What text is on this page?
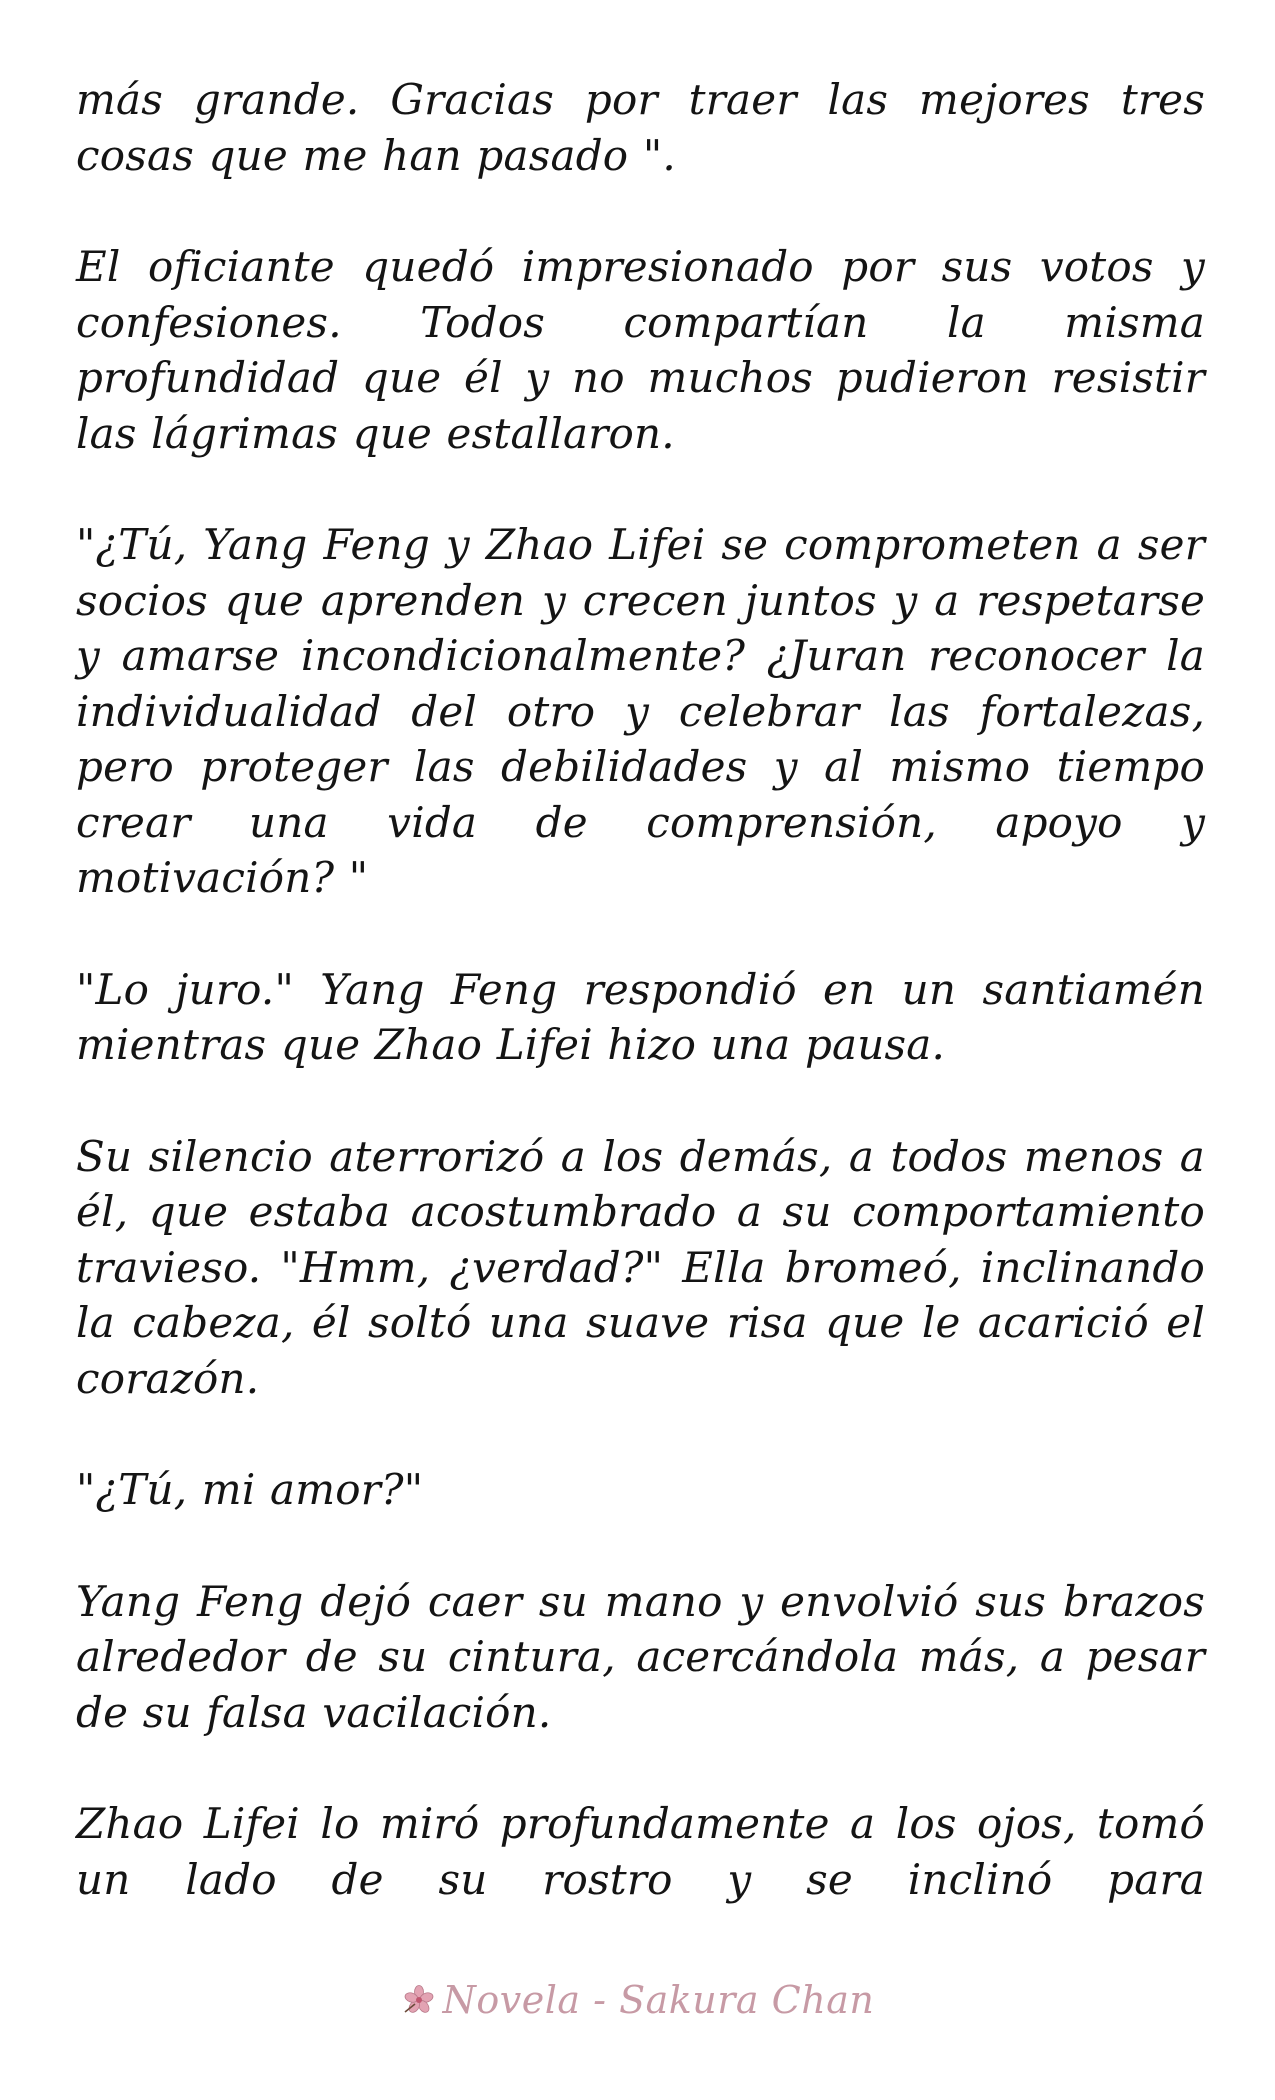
más grande. Gracias por traer las mejores tres cosas que me han pasado ".

El oficiante quedó impresionado por sus votos y confesiones. Todos compartían la misma profundidad que él y no muchos pudieron resistir las lágrimas que estallaron.

"¿Tú, Yang Feng y Zhao Lifei se comprometen a ser socios que aprenden y crecen juntos y a respetarse y amarse incondicionalmente? ¿Juran reconocer la individualidad del otro y celebrar las fortalezas, pero proteger las debilidades y al mismo tiempo crear una vida de comprensión, apoyo y motivación? "

"Lo juro." Yang Feng respondió en un santiamén mientras que Zhao Lifei hizo una pausa.

Su silencio aterrorizó a los demás, a todos menos a él, que estaba acostumbrado a su comportamiento travieso. "Hmm, ¿verdad?" Ella bromeó, inclinando la cabeza, él soltó una suave risa que le acarició el corazón.

"¿Tú, mi amor?"

Yang Feng dejó caer su mano y envolvió sus brazos alrededor de su cintura, acercándola más, a pesar de su falsa vacilación.

Zhao Lifei lo miró profundamente a los ojos, tomó un lado de su rostro y se inclinó para

Novela - Sakura Chan
